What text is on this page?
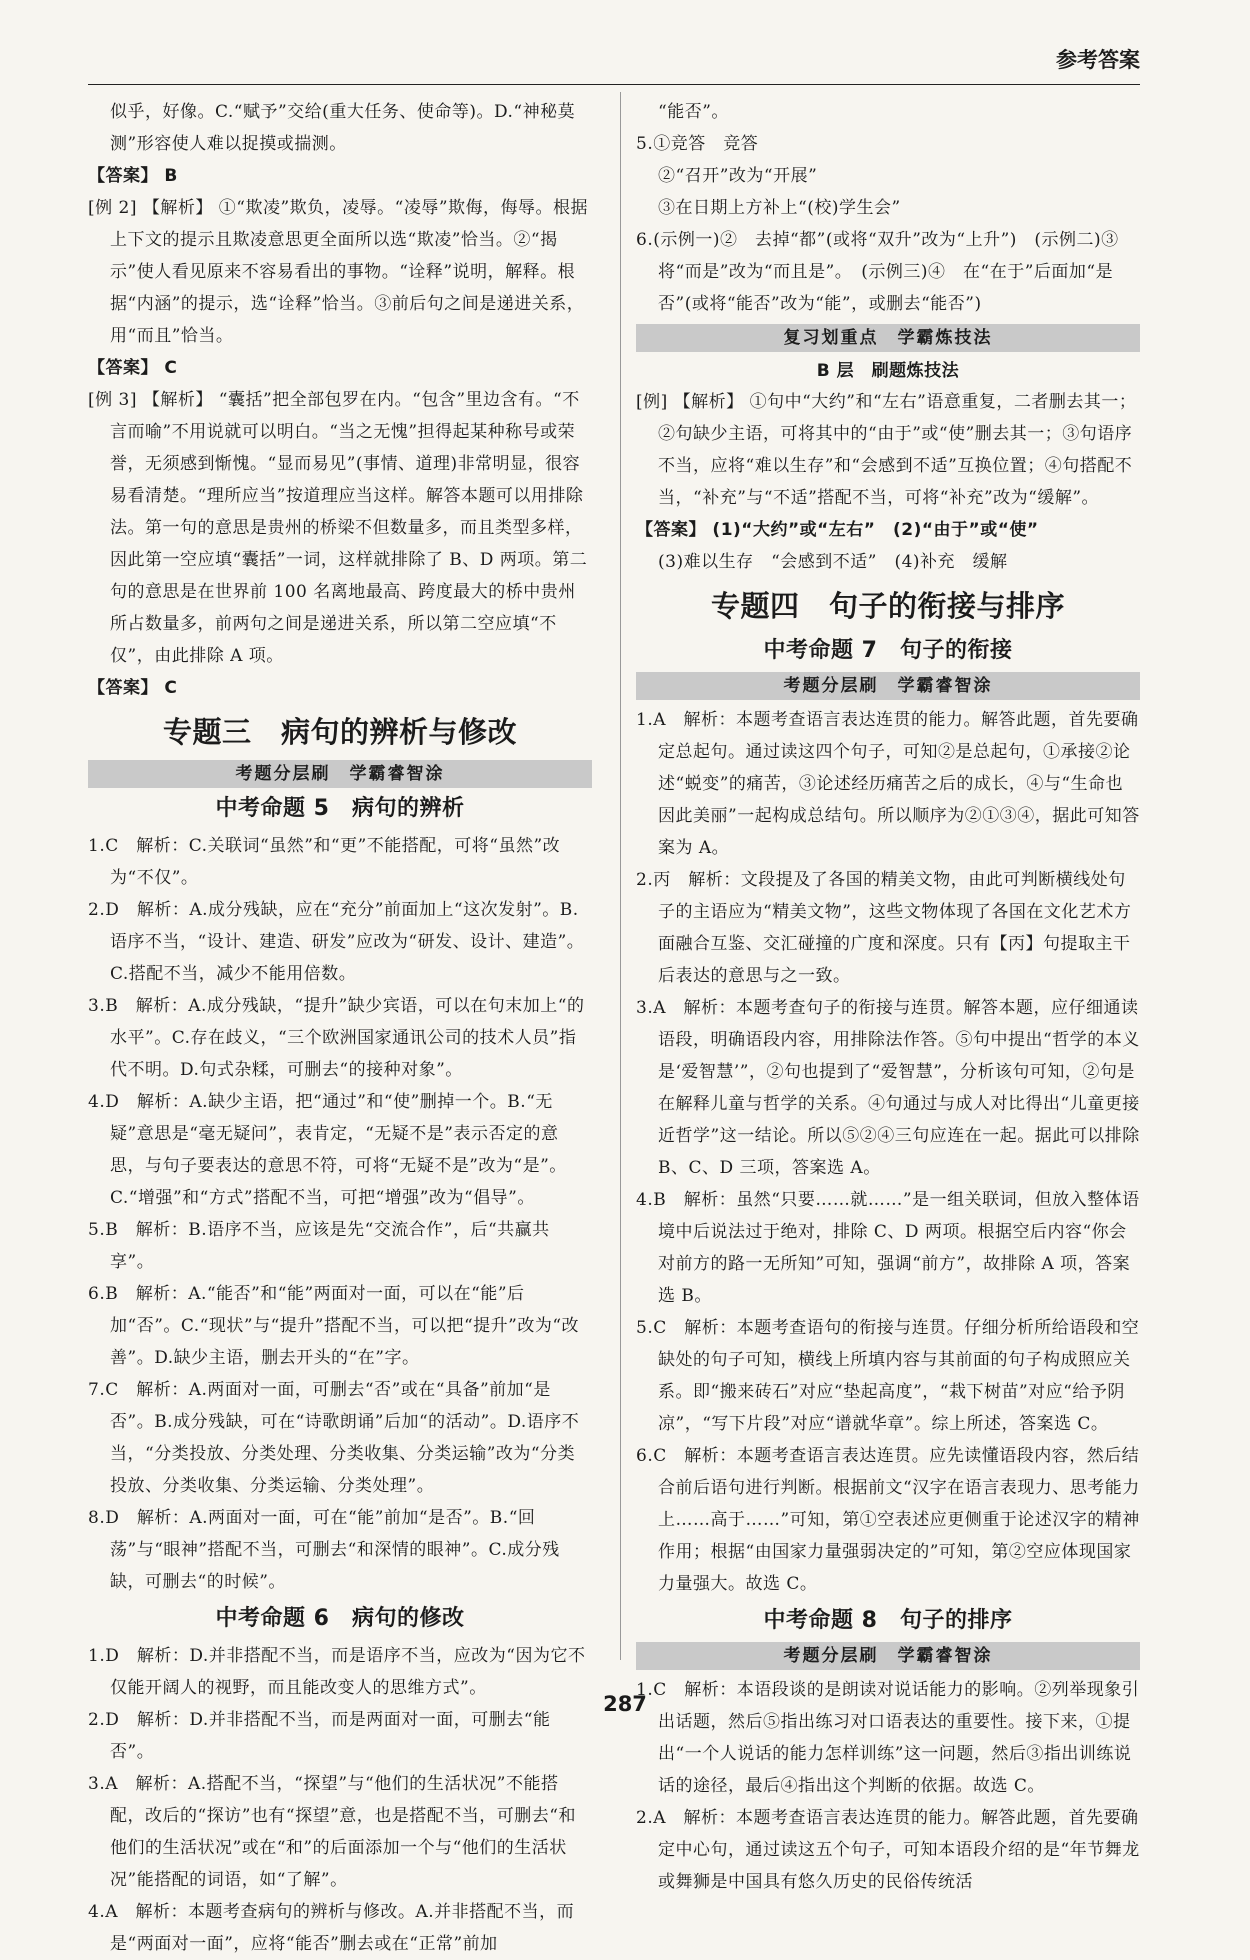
参考答案

似乎，好像。C.“赋予”交给(重大任务、使命等)。D.“神秘莫测”形容使人难以捉摸或揣测。

【答案】 B

[例 2] 【解析】 ①“欺凌”欺负，凌辱。“凌辱”欺侮，侮辱。根据上下文的提示且欺凌意思更全面所以选“欺凌”恰当。②“揭示”使人看见原来不容易看出的事物。“诠释”说明，解释。根据“内涵”的提示，选“诠释”恰当。③前后句之间是递进关系，用“而且”恰当。

【答案】 C

[例 3] 【解析】 “囊括”把全部包罗在内。“包含”里边含有。“不言而喻”不用说就可以明白。“当之无愧”担得起某种称号或荣誉，无须感到惭愧。“显而易见”(事情、道理)非常明显，很容易看清楚。“理所应当”按道理应当这样。解答本题可以用排除法。第一句的意思是贵州的桥梁不但数量多，而且类型多样，因此第一空应填“囊括”一词，这样就排除了 B、D 两项。第二句的意思是在世界前 100 名离地最高、跨度最大的桥中贵州所占数量多，前两句之间是递进关系，所以第二空应填“不仅”，由此排除 A 项。

【答案】 C

专题三　病句的辨析与修改
考题分层刷　学霸睿智涂
中考命题 5　病句的辨析

1.C　解析：C.关联词“虽然”和“更”不能搭配，可将“虽然”改为“不仅”。

2.D　解析：A.成分残缺，应在“充分”前面加上“这次发射”。B.语序不当，“设计、建造、研发”应改为“研发、设计、建造”。C.搭配不当，减少不能用倍数。

3.B　解析：A.成分残缺，“提升”缺少宾语，可以在句末加上“的水平”。C.存在歧义，“三个欧洲国家通讯公司的技术人员”指代不明。D.句式杂糅，可删去“的接种对象”。

4.D　解析：A.缺少主语，把“通过”和“使”删掉一个。B.“无疑”意思是“毫无疑问”，表肯定，“无疑不是”表示否定的意思，与句子要表达的意思不符，可将“无疑不是”改为“是”。C.“增强”和“方式”搭配不当，可把“增强”改为“倡导”。

5.B　解析：B.语序不当，应该是先“交流合作”，后“共赢共享”。

6.B　解析：A.“能否”和“能”两面对一面，可以在“能”后加“否”。C.“现状”与“提升”搭配不当，可以把“提升”改为“改善”。D.缺少主语，删去开头的“在”字。

7.C　解析：A.两面对一面，可删去“否”或在“具备”前加“是否”。B.成分残缺，可在“诗歌朗诵”后加“的活动”。D.语序不当，“分类投放、分类处理、分类收集、分类运输”改为“分类投放、分类收集、分类运输、分类处理”。

8.D　解析：A.两面对一面，可在“能”前加“是否”。B.“回荡”与“眼神”搭配不当，可删去“和深情的眼神”。C.成分残缺，可删去“的时候”。

中考命题 6　病句的修改

1.D　解析：D.并非搭配不当，而是语序不当，应改为“因为它不仅能开阔人的视野，而且能改变人的思维方式”。

2.D　解析：D.并非搭配不当，而是两面对一面，可删去“能否”。

3.A　解析：A.搭配不当，“探望”与“他们的生活状况”不能搭配，改后的“探访”也有“探望”意，也是搭配不当，可删去“和他们的生活状况”或在“和”的后面添加一个与“他们的生活状况”能搭配的词语，如“了解”。

4.A　解析：本题考查病句的辨析与修改。A.并非搭配不当，而是“两面对一面”，应将“能否”删去或在“正常”前加

“能否”。

5.①竞答　竞答

②“召开”改为“开展”

③在日期上方补上“(校)学生会”

6.(示例一)②　去掉“都”(或将“双升”改为“上升”)　(示例二)③　将“而是”改为“而且是”。　(示例三)④　在“在于”后面加“是否”(或将“能否”改为“能”，或删去“能否”)

复习划重点　学霸炼技法
B 层　刷题炼技法

[例] 【解析】 ①句中“大约”和“左右”语意重复，二者删去其一；②句缺少主语，可将其中的“由于”或“使”删去其一；③句语序不当，应将“难以生存”和“会感到不适”互换位置；④句搭配不当，“补充”与“不适”搭配不当，可将“补充”改为“缓解”。

【答案】 (1)“大约”或“左右”　(2)“由于”或“使”

(3)难以生存　“会感到不适”　(4)补充　缓解

专题四　句子的衔接与排序
中考命题 7　句子的衔接
考题分层刷　学霸睿智涂

1.A　解析：本题考查语言表达连贯的能力。解答此题，首先要确定总起句。通过读这四个句子，可知②是总起句，①承接②论述“蜕变”的痛苦，③论述经历痛苦之后的成长，④与“生命也因此美丽”一起构成总结句。所以顺序为②①③④，据此可知答案为 A。

2.丙　解析：文段提及了各国的精美文物，由此可判断横线处句子的主语应为“精美文物”，这些文物体现了各国在文化艺术方面融合互鉴、交汇碰撞的广度和深度。只有【丙】句提取主干后表达的意思与之一致。

3.A　解析：本题考查句子的衔接与连贯。解答本题，应仔细通读语段，明确语段内容，用排除法作答。⑤句中提出“哲学的本义是‘爱智慧’”，②句也提到了“爱智慧”，分析该句可知，②句是在解释儿童与哲学的关系。④句通过与成人对比得出“儿童更接近哲学”这一结论。所以⑤②④三句应连在一起。据此可以排除 B、C、D 三项，答案选 A。

4.B　解析：虽然“只要……就……”是一组关联词，但放入整体语境中后说法过于绝对，排除 C、D 两项。根据空后内容“你会对前方的路一无所知”可知，强调“前方”，故排除 A 项，答案选 B。

5.C　解析：本题考查语句的衔接与连贯。仔细分析所给语段和空缺处的句子可知，横线上所填内容与其前面的句子构成照应关系。即“搬来砖石”对应“垫起高度”，“栽下树苗”对应“给予阴凉”，“写下片段”对应“谱就华章”。综上所述，答案选 C。

6.C　解析：本题考查语言表达连贯。应先读懂语段内容，然后结合前后语句进行判断。根据前文“汉字在语言表现力、思考能力上……高于……”可知，第①空表述应更侧重于论述汉字的精神作用；根据“由国家力量强弱决定的”可知，第②空应体现国家力量强大。故选 C。

中考命题 8　句子的排序
考题分层刷　学霸睿智涂

1.C　解析：本语段谈的是朗读对说话能力的影响。②列举现象引出话题，然后⑤指出练习对口语表达的重要性。接下来，①提出“一个人说话的能力怎样训练”这一问题，然后③指出训练说话的途径，最后④指出这个判断的依据。故选 C。

2.A　解析：本题考查语言表达连贯的能力。解答此题，首先要确定中心句，通过读这五个句子，可知本语段介绍的是“年节舞龙或舞狮是中国具有悠久历史的民俗传统活

287
